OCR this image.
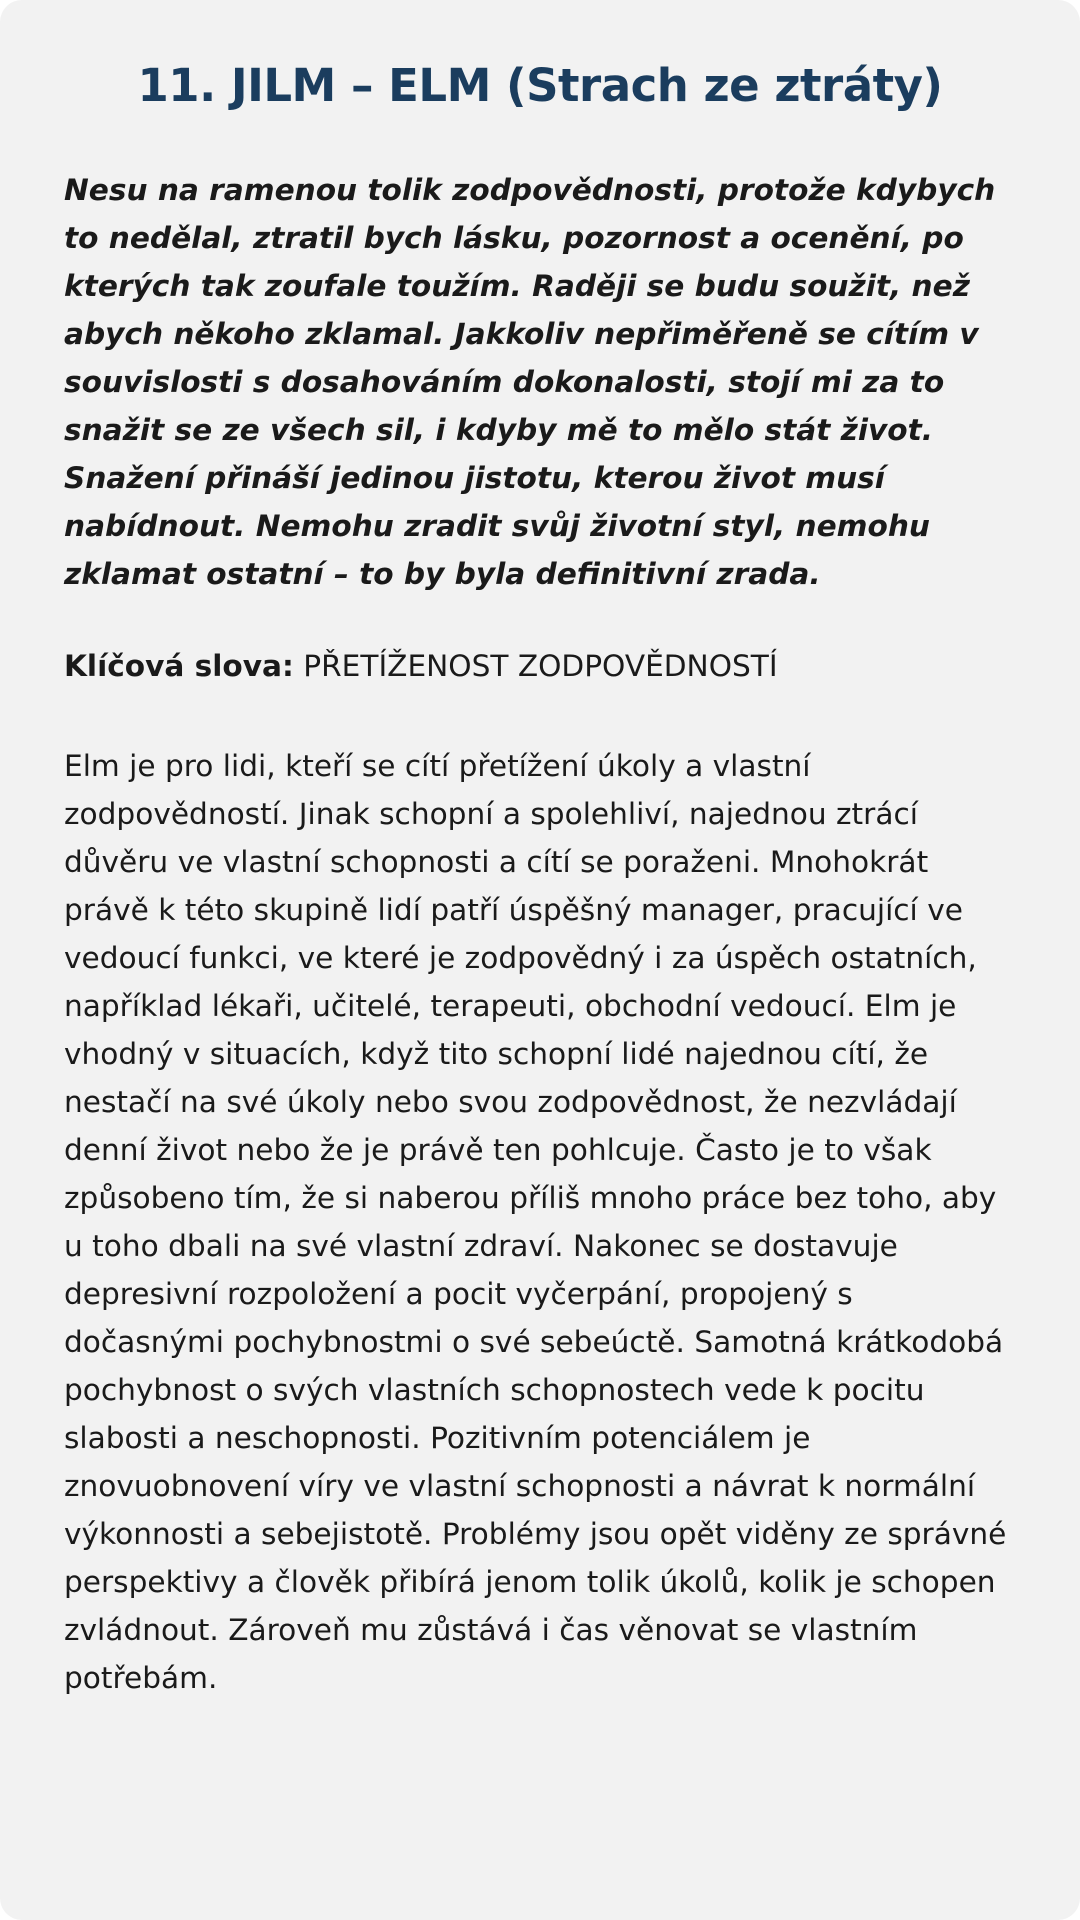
11. JILM – ELM (Strach ze ztráty)

Nesu na ramenou tolik zodpovědnosti, protože kdybych to nedělal, ztratil bych lásku, pozornost a ocenění, po kterých tak zoufale toužím. Raději se budu soužit, než abych někoho zklamal. Jakkoliv nepřiměřeně se cítím v souvislosti s dosahováním dokonalosti, stojí mi za to snažit se ze všech sil, i kdyby mě to mělo stát život. Snažení přináší jedinou jistotu, kterou život musí nabídnout. Nemohu zradit svůj životní styl, nemohu zklamat ostatní – to by byla definitivní zrada.

Klíčová slova: PŘETÍŽENOST ZODPOVĚDNOSTÍ

Elm je pro lidi, kteří se cítí přetížení úkoly a vlastní zodpovědností. Jinak schopní a spolehliví, najednou ztrácí důvěru ve vlastní schopnosti a cítí se poraženi. Mnohokrát právě k této skupině lidí patří úspěšný manager, pracující ve vedoucí funkci, ve které je zodpovědný i za úspěch ostatních, například lékaři, učitelé, terapeuti, obchodní vedoucí. Elm je vhodný v situacích, když tito schopní lidé najednou cítí, že nestačí na své úkoly nebo svou zodpovědnost, že nezvládají denní život nebo že je právě ten pohlcuje. Často je to však způsobeno tím, že si naberou příliš mnoho práce bez toho, aby u toho dbali na své vlastní zdraví. Nakonec se dostavuje depresivní rozpoložení a pocit vyčerpání, propojený s dočasnými pochybnostmi o své sebeúctě. Samotná krátkodobá pochybnost o svých vlastních schopnostech vede k pocitu slabosti a neschopnosti. Pozitivním potenciálem je znovuobnovení víry ve vlastní schopnosti a návrat k normální výkonnosti a sebejistotě. Problémy jsou opět viděny ze správné perspektivy a člověk přibírá jenom tolik úkolů, kolik je schopen zvládnout. Zároveň mu zůstává i čas věnovat se vlastním potřebám.
